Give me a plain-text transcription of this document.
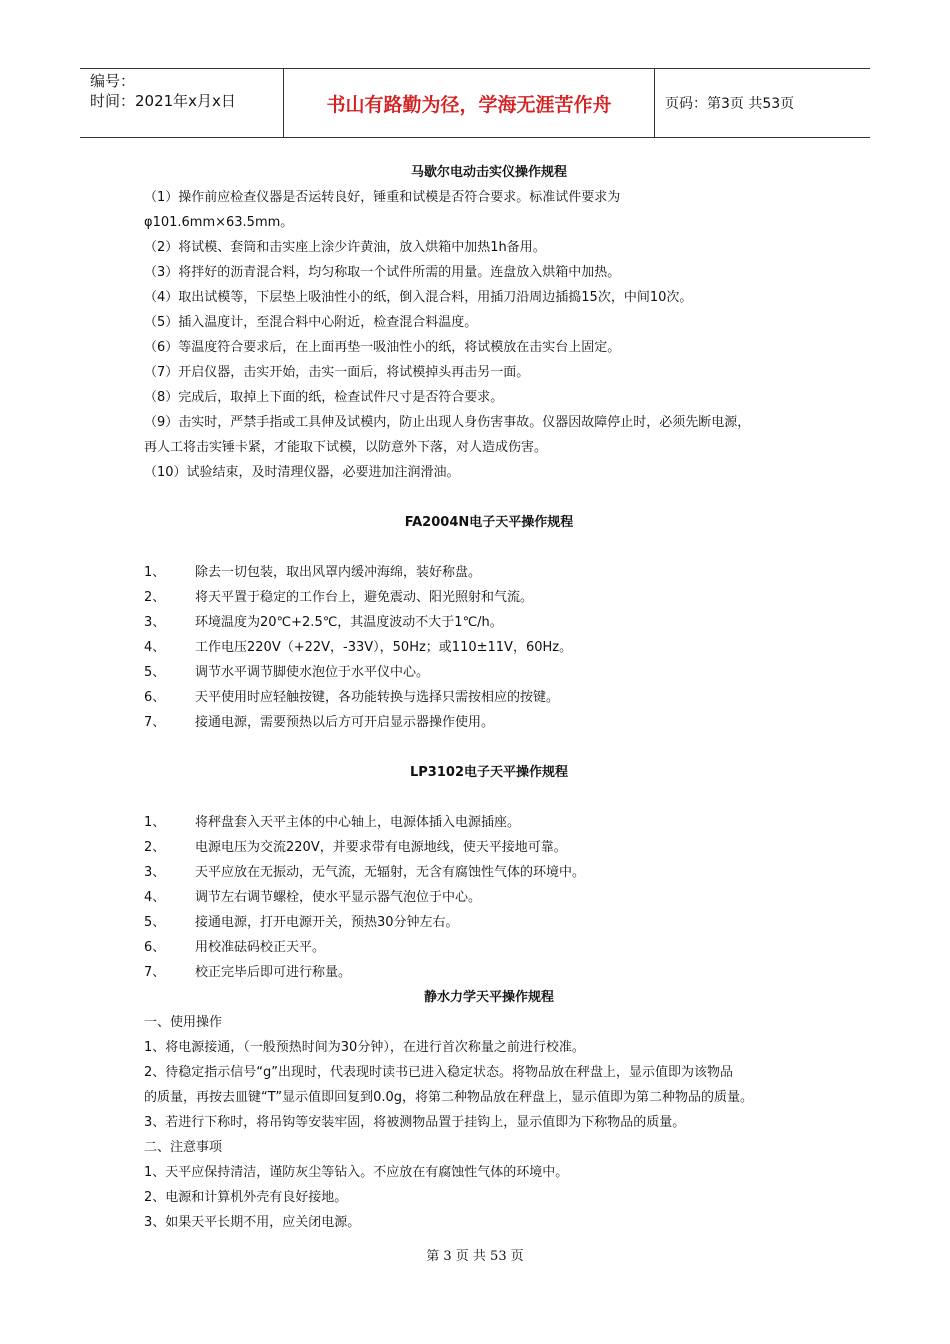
编号：
时间：2021年x月x日	书山有路勤为径，学海无涯苦作舟	页码：第3页 共53页
马歇尔电动击实仪操作规程
（1）操作前应检查仪器是否运转良好，锤重和试模是否符合要求。标准试件要求为
φ101.6mm×63.5mm。
（2）将试模、套筒和击实座上涂少许黄油，放入烘箱中加热1h备用。
（3）将拌好的沥青混合料，均匀称取一个试件所需的用量。连盘放入烘箱中加热。
（4）取出试模等，下层垫上吸油性小的纸，倒入混合料，用插刀沿周边插捣15次，中间10次。
（5）插入温度计，至混合料中心附近，检查混合料温度。
（6）等温度符合要求后，在上面再垫一吸油性小的纸，将试模放在击实台上固定。
（7）开启仪器，击实开始，击实一面后，将试模掉头再击另一面。
（8）完成后，取掉上下面的纸，检查试件尺寸是否符合要求。
（9）击实时，严禁手指或工具伸及试模内，防止出现人身伤害事故。仪器因故障停止时，必须先断电源，
再人工将击实锤卡紧，才能取下试模，以防意外下落，对人造成伤害。
（10）试验结束，及时清理仪器，必要进加注润滑油。
FA2004N电子天平操作规程
1、 除去一切包装，取出风罩内缓冲海绵，装好称盘。
2、 将天平置于稳定的工作台上，避免震动、阳光照射和气流。
3、 环境温度为20℃+2.5℃，其温度波动不大于1℃/h。
4、 工作电压220V（+22V，-33V），50Hz；或110±11V，60Hz。
5、 调节水平调节脚使水泡位于水平仪中心。
6、 天平使用时应轻触按键，各功能转换与选择只需按相应的按键。
7、 接通电源，需要预热以后方可开启显示器操作使用。
LP3102电子天平操作规程
1、 将秤盘套入天平主体的中心轴上，电源体插入电源插座。
2、 电源电压为交流220V，并要求带有电源地线，使天平接地可靠。
3、 天平应放在无振动，无气流，无辐射，无含有腐蚀性气体的环境中。
4、 调节左右调节螺栓，使水平显示器气泡位于中心。
5、 接通电源，打开电源开关，预热30分钟左右。
6、 用校准砝码校正天平。
7、 校正完毕后即可进行称量。
静水力学天平操作规程
一、使用操作
1、将电源接通，（一般预热时间为30分钟），在进行首次称量之前进行校准。
2、待稳定指示信号“g”出现时，代表现时读书已进入稳定状态。将物品放在秤盘上，显示值即为该物品
的质量，再按去皿键“T”显示值即回复到0.0g，将第二种物品放在秤盘上，显示值即为第二种物品的质量。
3、若进行下称时，将吊钩等安装牢固，将被测物品置于挂钩上，显示值即为下称物品的质量。
二、注意事项
1、天平应保持清洁，谨防灰尘等钻入。不应放在有腐蚀性气体的环境中。
2、电源和计算机外壳有良好接地。
3、如果天平长期不用，应关闭电源。
第 3 页 共 53 页
